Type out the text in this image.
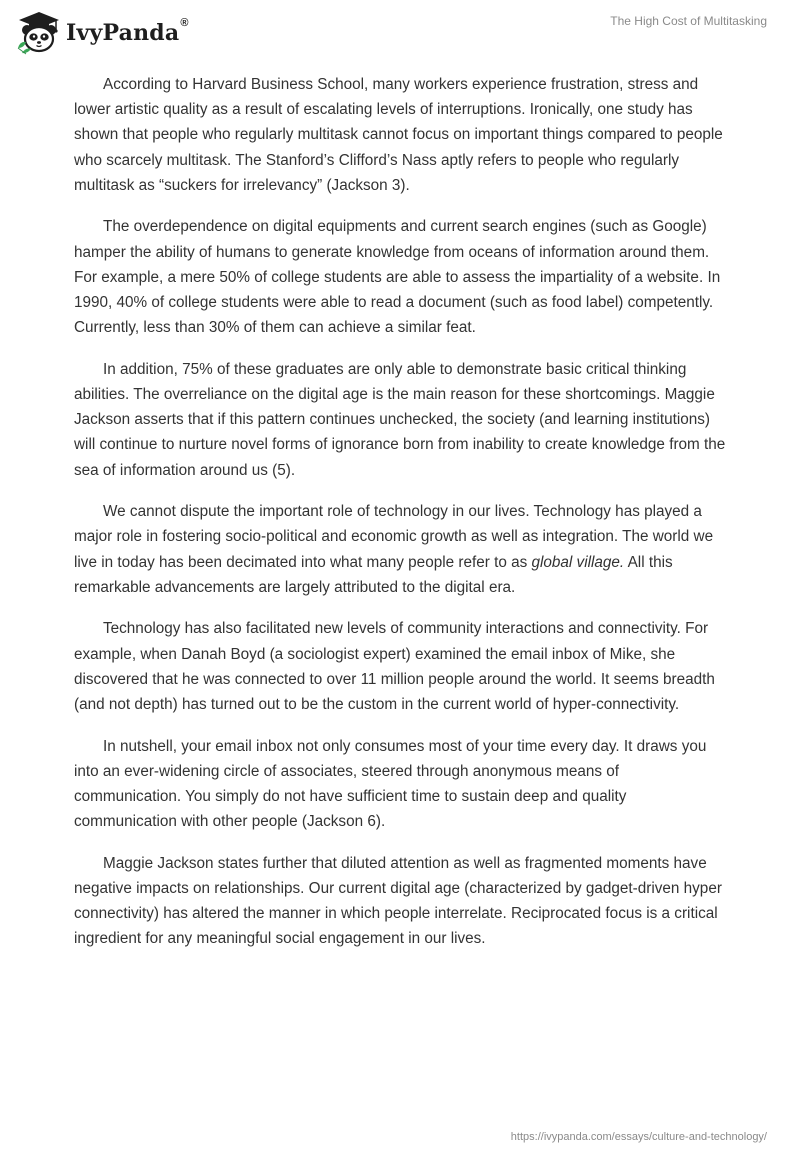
IvyPanda®	The High Cost of Multitasking

According to Harvard Business School, many workers experience frustration, stress and lower artistic quality as a result of escalating levels of interruptions. Ironically, one study has shown that people who regularly multitask cannot focus on important things compared to people who scarcely multitask. The Stanford’s Clifford’s Nass aptly refers to people who regularly multitask as “suckers for irrelevancy” (Jackson 3).

The overdependence on digital equipments and current search engines (such as Google) hamper the ability of humans to generate knowledge from oceans of information around them. For example, a mere 50% of college students are able to assess the impartiality of a website. In 1990, 40% of college students were able to read a document (such as food label) competently. Currently, less than 30% of them can achieve a similar feat.

In addition, 75% of these graduates are only able to demonstrate basic critical thinking abilities. The overreliance on the digital age is the main reason for these shortcomings. Maggie Jackson asserts that if this pattern continues unchecked, the society (and learning institutions) will continue to nurture novel forms of ignorance born from inability to create knowledge from the sea of information around us (5).

We cannot dispute the important role of technology in our lives. Technology has played a major role in fostering socio-political and economic growth as well as integration. The world we live in today has been decimated into what many people refer to as global village. All this remarkable advancements are largely attributed to the digital era.

Technology has also facilitated new levels of community interactions and connectivity. For example, when Danah Boyd (a sociologist expert) examined the email inbox of Mike, she discovered that he was connected to over 11 million people around the world. It seems breadth (and not depth) has turned out to be the custom in the current world of hyper-connectivity.

In nutshell, your email inbox not only consumes most of your time every day. It draws you into an ever-widening circle of associates, steered through anonymous means of communication. You simply do not have sufficient time to sustain deep and quality communication with other people (Jackson 6).

Maggie Jackson states further that diluted attention as well as fragmented moments have negative impacts on relationships. Our current digital age (characterized by gadget-driven hyper connectivity) has altered the manner in which people interrelate. Reciprocated focus is a critical ingredient for any meaningful social engagement in our lives.

https://ivypanda.com/essays/culture-and-technology/
